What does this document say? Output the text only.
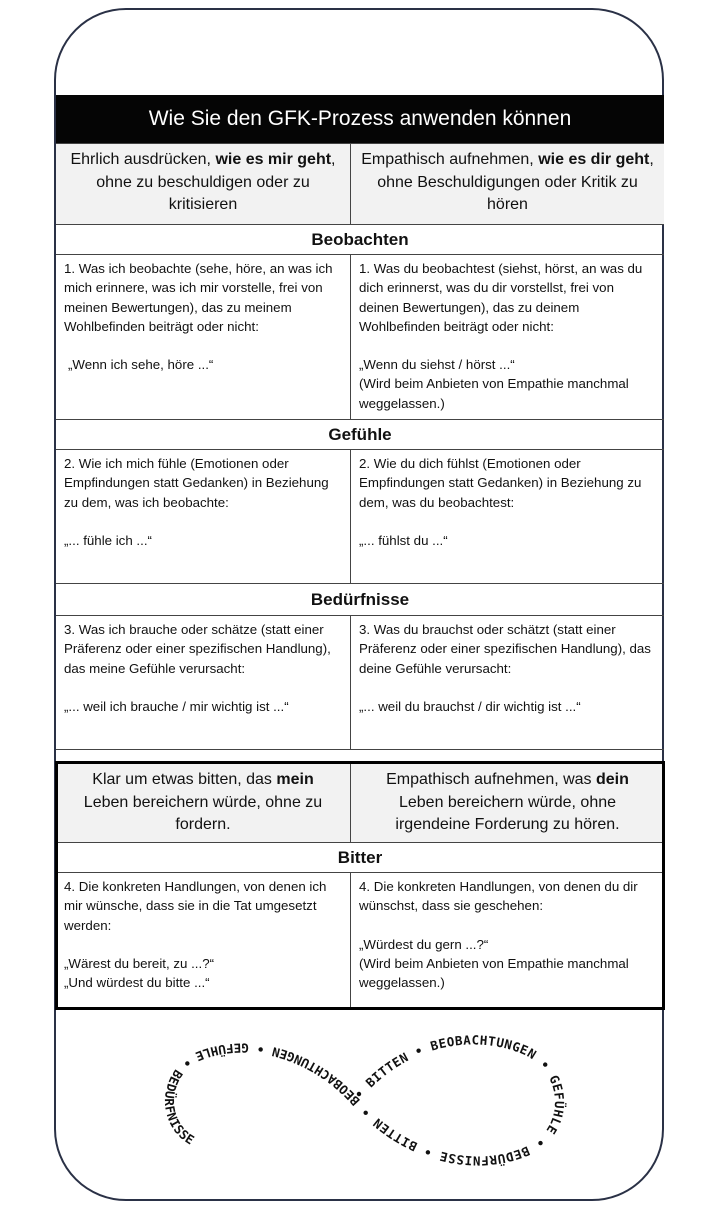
Wie Sie den GFK-Prozess anwenden können
Ehrlich ausdrücken, wie es mir geht, ohne zu beschuldigen oder zu kritisieren
Empathisch aufnehmen, wie es dir geht, ohne Beschuldigungen oder Kritik zu hören
Beobachten
1. Was ich beobachte (sehe, höre, an was ich mich erinnere, was ich mir vorstelle, frei von meinen Bewertungen), das zu meinem Wohlbefinden beiträgt oder nicht:
„Wenn ich sehe, höre ...“
1. Was du beobachtest (siehst, hörst, an was du dich erinnerst, was du dir vorstellst, frei von deinen Bewertungen), das zu deinem Wohlbefinden beiträgt oder nicht:
„Wenn du siehst / hörst ...“
(Wird beim Anbieten von Empathie manchmal weggelassen.)
Gefühle
2. Wie ich mich fühle (Emotionen oder Empfindungen statt Gedanken) in Beziehung zu dem, was ich beobachte:
„... fühle ich ...“
2. Wie du dich fühlst (Emotionen oder Empfindungen statt Gedanken) in Beziehung zu dem, was du beobachtest:
„... fühlst du ...“
Bedürfnisse
3. Was ich brauche oder schätze (statt einer Präferenz oder einer spezifischen Handlung), das meine Gefühle verursacht:
„... weil ich brauche / mir wichtig ist ...“
3. Was du brauchst oder schätzt (statt einer Präferenz oder einer spezifischen Handlung), das deine Gefühle verursacht:
„... weil du brauchst / dir wichtig ist ...“
Klar um etwas bitten, das mein Leben bereichern würde, ohne zu fordern.
Empathisch aufnehmen, was dein Leben bereichern würde, ohne irgendeine Forderung zu hören.
Bitter
4. Die konkreten Handlungen, von denen ich mir wünsche, dass sie in die Tat umgesetzt werden:
„Wärest du bereit, zu ...?“
„Und würdest du bitte ...“
4. Die konkreten Handlungen, von denen du dir wünschst, dass sie geschehen:
„Würdest du gern ...?“
(Wird beim Anbieten von Empathie manchmal weggelassen.)
• BITTEN • BEOBACHTUNGEN • GEFÜHLE • BEDÜRFNISSE • BITTEN • BEOBACHTUNGEN • GEFÜHLE • BEDÜRFNISSE
